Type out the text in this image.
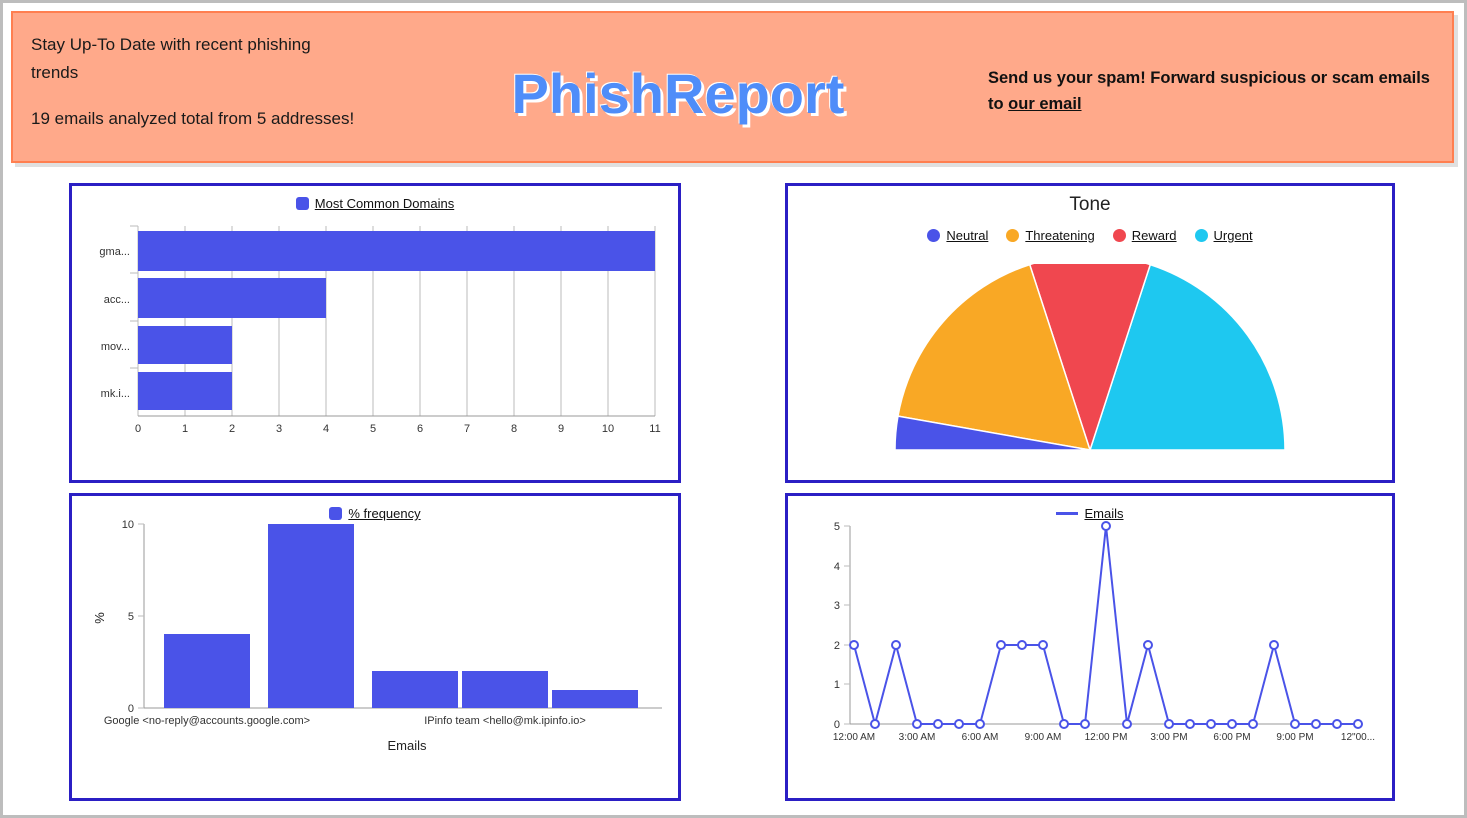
Stay Up-To Date with recent phishing trends

19 emails analyzed total from 5 addresses!	PhishReport	Send us your spam! Forward suspicious or scam emails to our email
Most Common Domains
gma...
acc...
mov...
mk.i...
0	1	2	3	4	5	6	7	8	9	10	11
Tone
Neutral	Threatening	Reward	Urgent
% frequency
10
5
0
%
Google <no-reply@accounts.google.com>	IPinfo team <hello@mk.ipinfo.io>
Emails
Emails
0
1
2
3
4
5
12:00 AM 3:00 AM	6:00 AM	9:00 AM 12:00 PM 3:00 PM	6:00 PM	9:00 PM	12"00...
